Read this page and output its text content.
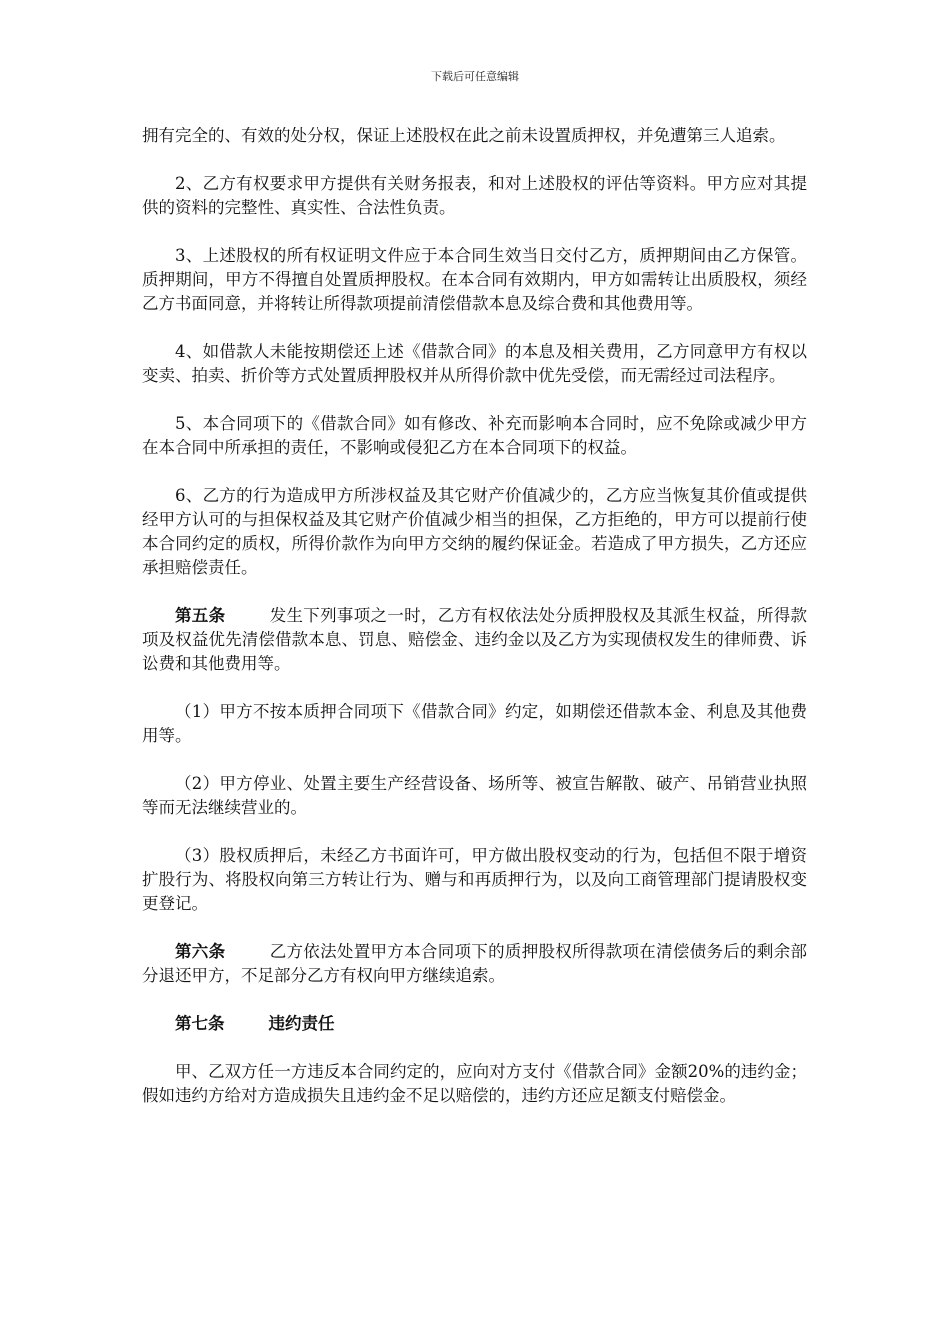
下载后可任意编辑

拥有完全的、有效的处分权，保证上述股权在此之前未设置质押权，并免遭第三人追索。

2、乙方有权要求甲方提供有关财务报表，和对上述股权的评估等资料。甲方应对其提供的资料的完整性、真实性、合法性负责。

3、上述股权的所有权证明文件应于本合同生效当日交付乙方，质押期间由乙方保管。质押期间，甲方不得擅自处置质押股权。在本合同有效期内，甲方如需转让出质股权，须经乙方书面同意，并将转让所得款项提前清偿借款本息及综合费和其他费用等。

4、如借款人未能按期偿还上述《借款合同》的本息及相关费用，乙方同意甲方有权以变卖、拍卖、折价等方式处置质押股权并从所得价款中优先受偿，而无需经过司法程序。

5、本合同项下的《借款合同》如有修改、补充而影响本合同时，应不免除或减少甲方在本合同中所承担的责任，不影响或侵犯乙方在本合同项下的权益。

6、乙方的行为造成甲方所涉权益及其它财产价值减少的，乙方应当恢复其价值或提供经甲方认可的与担保权益及其它财产价值减少相当的担保，乙方拒绝的，甲方可以提前行使本合同约定的质权，所得价款作为向甲方交纳的履约保证金。若造成了甲方损失，乙方还应承担赔偿责任。

第五条	发生下列事项之一时，乙方有权依法处分质押股权及其派生权益，所得款项及权益优先清偿借款本息、罚息、赔偿金、违约金以及乙方为实现债权发生的律师费、诉讼费和其他费用等。

（1）甲方不按本质押合同项下《借款合同》约定，如期偿还借款本金、利息及其他费用等。

（2）甲方停业、处置主要生产经营设备、场所等、被宣告解散、破产、吊销营业执照等而无法继续营业的。

（3）股权质押后，未经乙方书面许可，甲方做出股权变动的行为，包括但不限于增资扩股行为、将股权向第三方转让行为、赠与和再质押行为，以及向工商管理部门提请股权变更登记。

第六条	乙方依法处置甲方本合同项下的质押股权所得款项在清偿债务后的剩余部分退还甲方，不足部分乙方有权向甲方继续追索。

第七条	违约责任

甲、乙双方任一方违反本合同约定的，应向对方支付《借款合同》金额20%的违约金；假如违约方给对方造成损失且违约金不足以赔偿的，违约方还应足额支付赔偿金。
